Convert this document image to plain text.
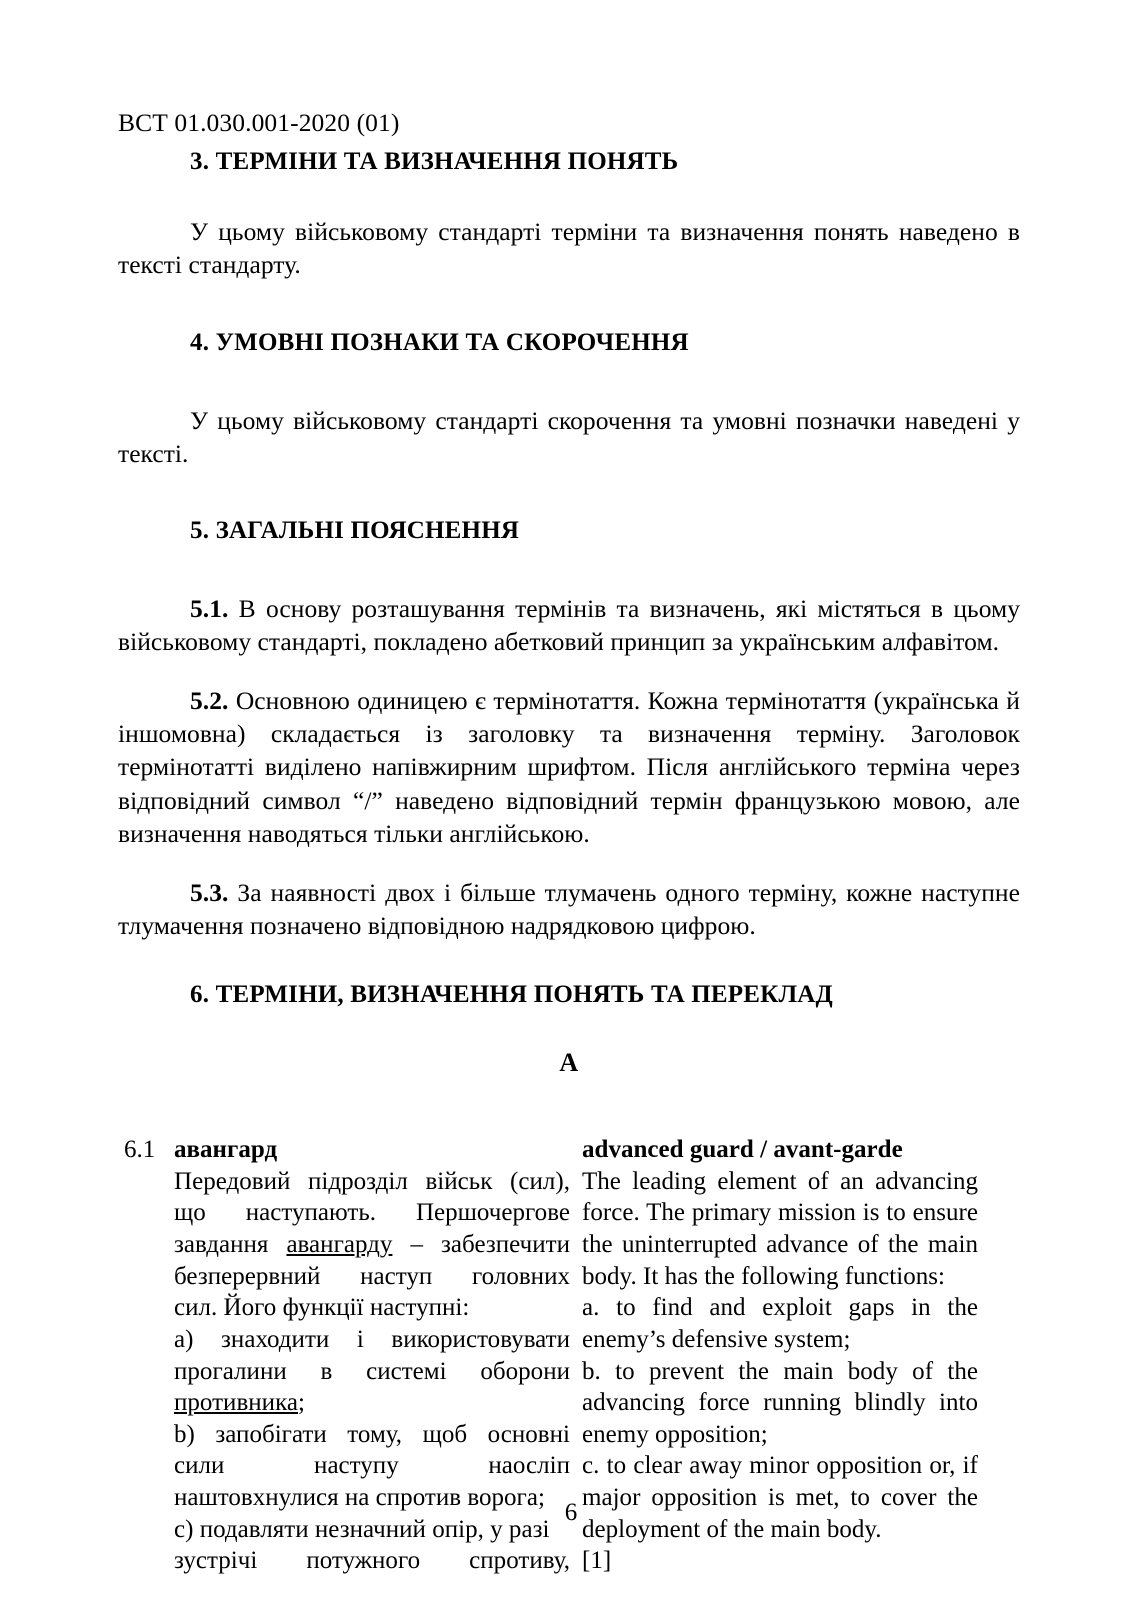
ВСТ 01.030.001-2020 (01)
3. ТЕРМІНИ ТА ВИЗНАЧЕННЯ ПОНЯТЬ

У цьому військовому стандарті терміни та визначення понять наведено в тексті стандарту.

4. УМОВНІ ПОЗНАКИ ТА СКОРОЧЕННЯ

У цьому військовому стандарті скорочення та умовні позначки наведені у тексті.

5. ЗАГАЛЬНІ ПОЯСНЕННЯ

5.1. В основу розташування термінів та визначень, які містяться в цьому військовому стандарті, покладено абетковий принцип за українським алфавітом.

5.2. Основною одиницею є термінотаття. Кожна термінотаття (українська й іншомовна) складається із заголовку та визначення терміну. Заголовок термінотатті виділено напівжирним шрифтом. Після англійського терміна через відповідний символ “/” наведено відповідний термін французькою мовою, але визначення наводяться тільки англійською.

5.3. За наявності двох і більше тлумачень одного терміну, кожне наступне тлумачення позначено відповідною надрядковою цифрою.

6. ТЕРМІНИ, ВИЗНАЧЕННЯ ПОНЯТЬ ТА ПЕРЕКЛАД
А
6.1 авангард
Передовий підрозділ військ (сил),
що наступають. Першочергове
завдання авангарду – забезпечити
безперервний наступ головних
сил. Його функції наступні:
а) знаходити і використовувати
прогалини в системі оборони
противника;
b) запобігати тому, щоб основні
сили наступу наосліп
наштовхнулися на спротив ворога;
с) подавляти незначний опір, у разі
зустрічі потужного спротиву,
advanced guard / avant-garde
The leading element of an advancing
force. The primary mission is to ensure
the uninterrupted advance of the main
body. It has the following functions:
a. to find and exploit gaps in the
enemy’s defensive system;
b. to prevent the main body of the
advancing force running blindly into
enemy opposition;
c. to clear away minor opposition or, if
major opposition is met, to cover the
deployment of the main body.
[1]
6
